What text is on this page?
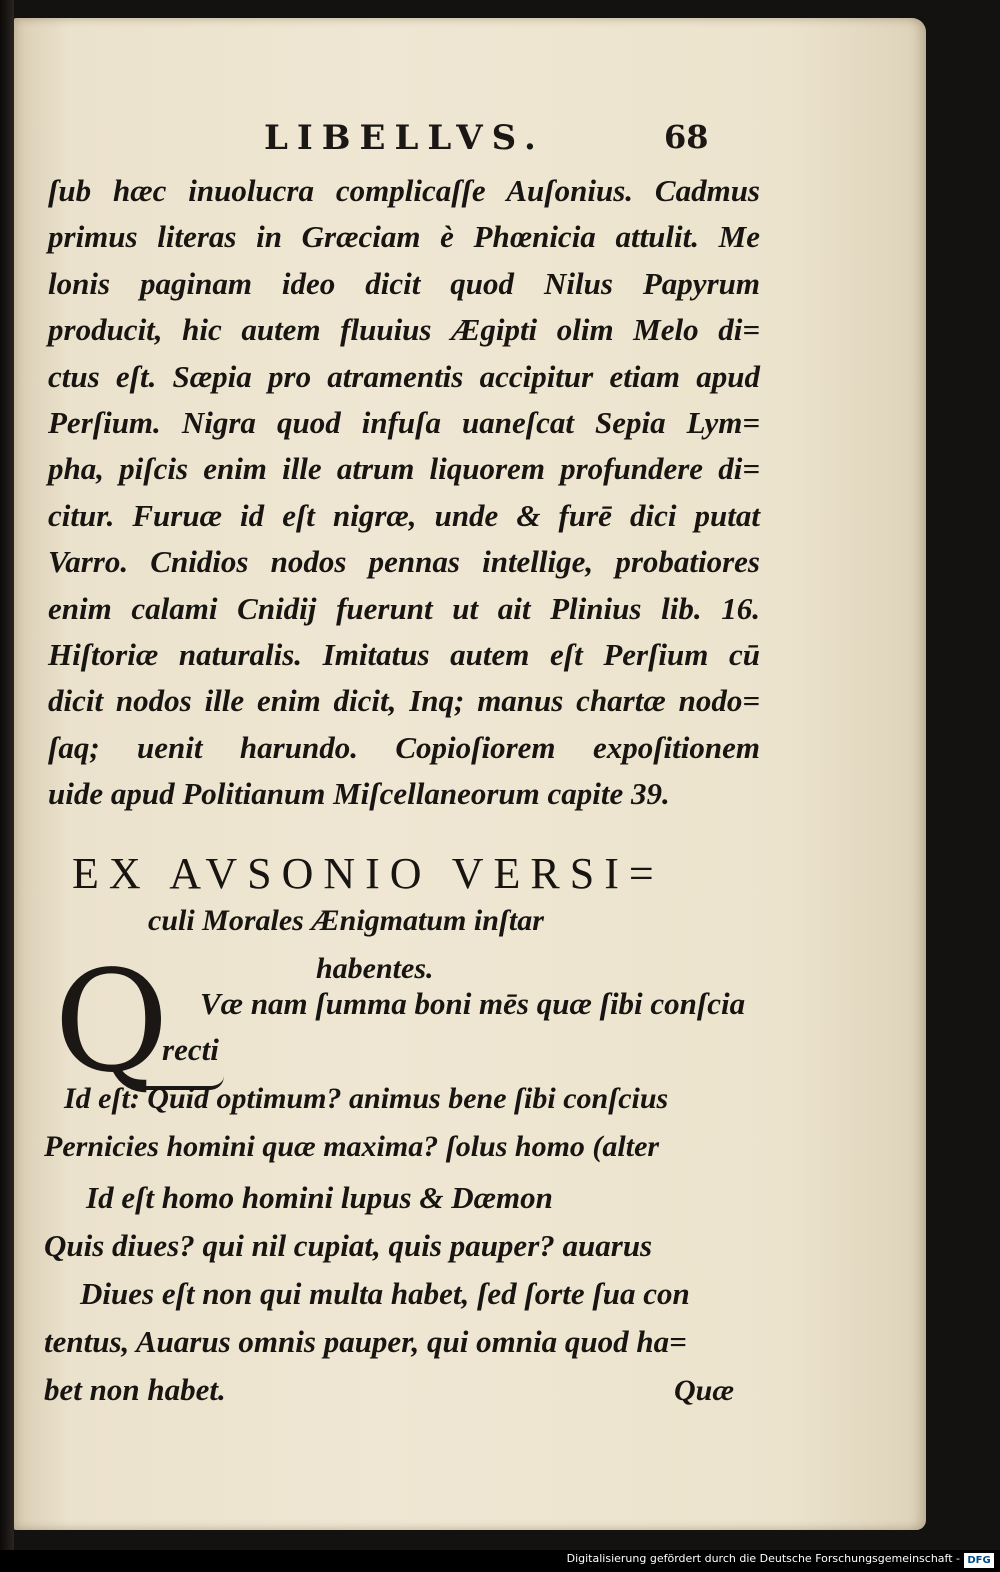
LIBELLVS.	68
ſub hæc inuolucra complicaſſe Auſonius. Cadmus
primus literas in Græciam è Phœnicia attulit. Me
lonis paginam ideo dicit quod Nilus Papyrum
producit, hic autem fluuius Ægipti olim Melo di=
ctus eſt. Sæpia pro atramentis accipitur etiam apud
Perſium. Nigra quod infuſa uaneſcat Sepia Lym=
pha, piſcis enim ille atrum liquorem profundere di=
citur. Furuæ id eſt nigræ, unde & furē dici putat
Varro. Cnidios nodos pennas intellige, probatiores
enim calami Cnidij fuerunt ut ait Plinius lib. 16.
Hiſtoriæ naturalis. Imitatus autem eſt Perſium cū
dicit nodos ille enim dicit, Inq; manus chartæ nodo=
ſaq; uenit harundo. Copioſiorem expoſitionem
uide apud Politianum Miſcellaneorum capite 39.
EX AVSONIO VERSI=
culi Morales Ænigmatum inſtar
habentes.
Q	Væ nam ſumma boni mēs quæ ſibi conſcia
recti
Id eſt: Quid optimum? animus bene ſibi conſcius
Pernicies homini quæ maxima? ſolus homo (alter
Id eſt homo homini lupus & Dæmon
Quis diues? qui nil cupiat, quis pauper? auarus
Diues eſt non qui multa habet, ſed ſorte ſua con
tentus, Auarus omnis pauper, qui omnia quod ha=
bet non habet.	Quæ
Digitalisierung gefördert durch die Deutsche Forschungsgemeinschaft - DFG
